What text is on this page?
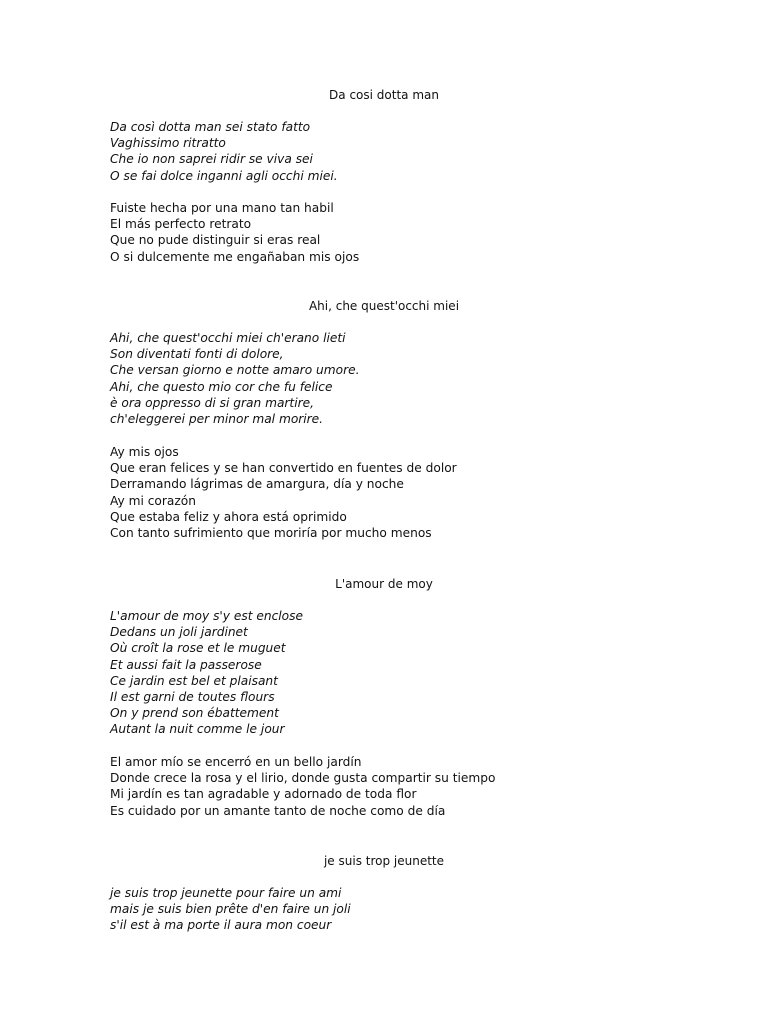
Da cosi dotta man
Da così dotta man sei stato fatto
Vaghissimo ritratto
Che io non saprei ridir se viva sei
O se fai dolce inganni agli occhi miei.
Fuiste hecha por una mano tan habil
El más perfecto retrato
Que no pude distinguir si eras real
O si dulcemente me engañaban mis ojos
Ahi, che quest'occhi miei
Ahi, che quest'occhi miei ch'erano lieti
Son diventati fonti di dolore,
Che versan giorno e notte amaro umore.
Ahi, che questo mio cor che fu felice
è ora oppresso di si gran martire,
ch'eleggerei per minor mal morire.
Ay mis ojos
Que eran felices y se han convertido en fuentes de dolor
Derramando lágrimas de amargura, día y noche
Ay mi corazón
Que estaba feliz y ahora está oprimido
Con tanto sufrimiento que moriría por mucho menos
L'amour de moy
L'amour de moy s'y est enclose
Dedans un joli jardinet
Où croît la rose et le muguet
Et aussi fait la passerose
Ce jardin est bel et plaisant
Il est garni de toutes flours
On y prend son ébattement
Autant la nuit comme le jour
El amor mío se encerró en un bello jardín
Donde crece la rosa y el lirio, donde gusta compartir su tiempo
Mi jardín es tan agradable y adornado de toda flor
Es cuidado por un amante tanto de noche como de día
je suis trop jeunette
je suis trop jeunette pour faire un ami
mais je suis bien prête d'en faire un joli
s'il est à ma porte il aura mon coeur
